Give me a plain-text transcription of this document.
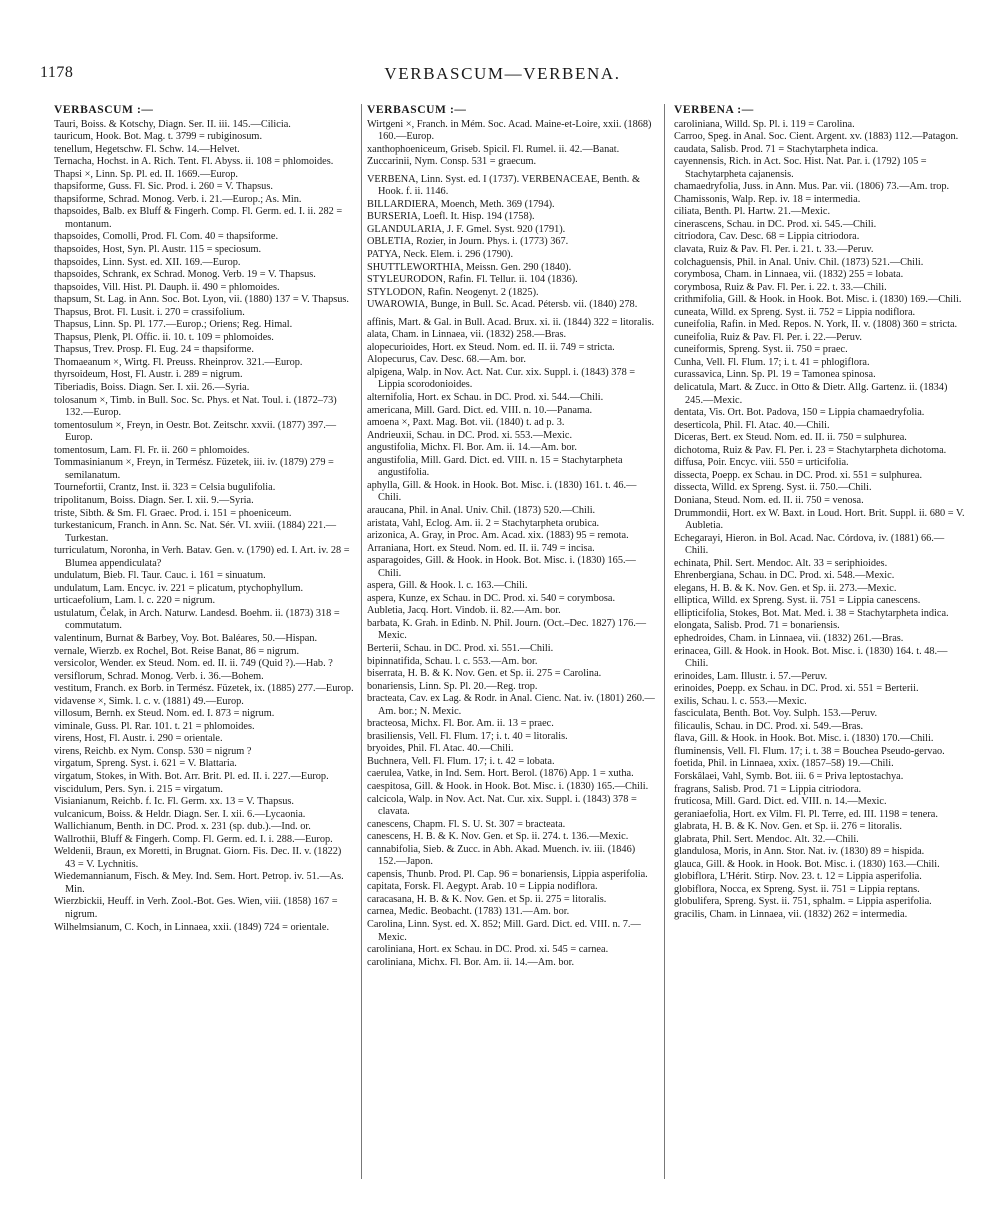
1178	VERBASCUM—VERBENA.
VERBASCUM :—

Tauri, Boiss. & Kotschy, Diagn. Ser. II. iii. 145.—Cilicia.

tauricum, Hook. Bot. Mag. t. 3799 = rubiginosum.

tenellum, Hegetschw. Fl. Schw. 14.—Helvet.

Ternacha, Hochst. in A. Rich. Tent. Fl. Abyss. ii. 108 = phlomoides.

Thapsi ×, Linn. Sp. Pl. ed. II. 1669.—Europ.

thapsiforme, Guss. Fl. Sic. Prod. i. 260 = V. Thapsus.

thapsiforme, Schrad. Monog. Verb. i. 21.—Europ.; As. Min.

thapsoides, Balb. ex Bluff & Fingerh. Comp. Fl. Germ. ed. I. ii. 282 = montanum.

thapsoides, Comolli, Prod. Fl. Com. 40 = thapsiforme.

thapsoides, Host, Syn. Pl. Austr. 115 = speciosum.

thapsoides, Linn. Syst. ed. XII. 169.—Europ.

thapsoides, Schrank, ex Schrad. Monog. Verb. 19 = V. Thapsus.

thapsoides, Vill. Hist. Pl. Dauph. ii. 490 = phlomoides.

thapsum, St. Lag. in Ann. Soc. Bot. Lyon, vii. (1880) 137 = V. Thapsus.

Thapsus, Brot. Fl. Lusit. i. 270 = crassifolium.

Thapsus, Linn. Sp. Pl. 177.—Europ.; Oriens; Reg. Himal.

Thapsus, Plenk, Pl. Offic. ii. 10. t. 109 = phlomoides.

Thapsus, Trev. Prosp. Fl. Eug. 24 = thapsiforme.

Thomaeanum ×, Wirtg. Fl. Preuss. Rheinprov. 321.—Europ.

thyrsoideum, Host, Fl. Austr. i. 289 = nigrum.

Tiberiadis, Boiss. Diagn. Ser. I. xii. 26.—Syria.

tolosanum ×, Timb. in Bull. Soc. Sc. Phys. et Nat. Toul. i. (1872–73) 132.—Europ.

tomentosulum ×, Freyn, in Oestr. Bot. Zeitschr. xxvii. (1877) 397.—Europ.

tomentosum, Lam. Fl. Fr. ii. 260 = phlomoides.

Tommasinianum ×, Freyn, in Termész. Füzetek, iii. iv. (1879) 279 = semilanatum.

Tournefortii, Crantz, Inst. ii. 323 = Celsia bugulifolia.

tripolitanum, Boiss. Diagn. Ser. I. xii. 9.—Syria.

triste, Sibth. & Sm. Fl. Graec. Prod. i. 151 = phoeniceum.

turkestanicum, Franch. in Ann. Sc. Nat. Sér. VI. xviii. (1884) 221.—Turkestan.

turriculatum, Noronha, in Verh. Batav. Gen. v. (1790) ed. I. Art. iv. 28 = Blumea appendiculata?

undulatum, Bieb. Fl. Taur. Cauc. i. 161 = sinuatum.

undulatum, Lam. Encyc. iv. 221 = plicatum, ptychophyllum.

urticaefolium, Lam. l. c. 220 = nigrum.

ustulatum, Čelak, in Arch. Naturw. Landesd. Boehm. ii. (1873) 318 = commutatum.

valentinum, Burnat & Barbey, Voy. Bot. Baléares, 50.—Hispan.

vernale, Wierzb. ex Rochel, Bot. Reise Banat, 86 = nigrum.

versicolor, Wender. ex Steud. Nom. ed. II. ii. 749 (Quid ?).—Hab. ?

versiflorum, Schrad. Monog. Verb. i. 36.—Bohem.

vestitum, Franch. ex Borb. in Termész. Füzetek, ix. (1885) 277.—Europ.

vidavense ×, Simk. l. c. v. (1881) 49.—Europ.

villosum, Bernh. ex Steud. Nom. ed. I. 873 = nigrum.

viminale, Guss. Pl. Rar. 101. t. 21 = phlomoides.

virens, Host, Fl. Austr. i. 290 = orientale.

virens, Reichb. ex Nym. Consp. 530 = nigrum ?

virgatum, Spreng. Syst. i. 621 = V. Blattaria.

virgatum, Stokes, in With. Bot. Arr. Brit. Pl. ed. II. i. 227.—Europ.

viscidulum, Pers. Syn. i. 215 = virgatum.

Visianianum, Reichb. f. Ic. Fl. Germ. xx. 13 = V. Thapsus.

vulcanicum, Boiss. & Heldr. Diagn. Ser. I. xii. 6.—Lycaonia.

Wallichianum, Benth. in DC. Prod. x. 231 (sp. dub.).—Ind. or.

Wallrothii, Bluff & Fingerh. Comp. Fl. Germ. ed. I. i. 288.—Europ.

Weldenii, Braun, ex Moretti, in Brugnat. Giorn. Fis. Dec. II. v. (1822) 43 = V. Lychnitis.

Wiedemannianum, Fisch. & Mey. Ind. Sem. Hort. Petrop. iv. 51.—As. Min.

Wierzbickii, Heuff. in Verh. Zool.-Bot. Ges. Wien, viii. (1858) 167 = nigrum.

Wilhelmsianum, C. Koch, in Linnaea, xxii. (1849) 724 = orientale.

VERBASCUM :—

Wirtgeni ×, Franch. in Mém. Soc. Acad. Maine-et-Loire, xxii. (1868) 160.—Europ.

xanthophoeniceum, Griseb. Spicil. Fl. Rumel. ii. 42.—Banat.

Zuccarinii, Nym. Consp. 531 = graecum.

VERBENA, Linn. Syst. ed. I (1737). VERBENACEAE, Benth. & Hook. f. ii. 1146.

BILLARDIERA, Moench, Meth. 369 (1794).

BURSERIA, Loefl. It. Hisp. 194 (1758).

GLANDULARIA, J. F. Gmel. Syst. 920 (1791).

OBLETIA, Rozier, in Journ. Phys. i. (1773) 367.

PATYA, Neck. Elem. i. 296 (1790).

SHUTTLEWORTHIA, Meissn. Gen. 290 (1840).

STYLEURODON, Rafin. Fl. Tellur. ii. 104 (1836).

STYLODON, Rafin. Neogenyt. 2 (1825).

UWAROWIA, Bunge, in Bull. Sc. Acad. Pétersb. vii. (1840) 278.

affinis, Mart. & Gal. in Bull. Acad. Brux. xi. ii. (1844) 322 = litoralis.

alata, Cham. in Linnaea, vii. (1832) 258.—Bras.

alopecurioides, Hort. ex Steud. Nom. ed. II. ii. 749 = stricta.

Alopecurus, Cav. Desc. 68.—Am. bor.

alpigena, Walp. in Nov. Act. Nat. Cur. xix. Suppl. i. (1843) 378 = Lippia scorodonioides.

alternifolia, Hort. ex Schau. in DC. Prod. xi. 544.—Chili.

americana, Mill. Gard. Dict. ed. VIII. n. 10.—Panama.

amoena ×, Paxt. Mag. Bot. vii. (1840) t. ad p. 3.

Andrieuxii, Schau. in DC. Prod. xi. 553.—Mexic.

angustifolia, Michx. Fl. Bor. Am. ii. 14.—Am. bor.

angustifolia, Mill. Gard. Dict. ed. VIII. n. 15 = Stachytarpheta angustifolia.

aphylla, Gill. & Hook. in Hook. Bot. Misc. i. (1830) 161. t. 46.—Chili.

araucana, Phil. in Anal. Univ. Chil. (1873) 520.—Chili.

aristata, Vahl, Eclog. Am. ii. 2 = Stachytarpheta orubica.

arizonica, A. Gray, in Proc. Am. Acad. xix. (1883) 95 = remota.

Arraniana, Hort. ex Steud. Nom. ed. II. ii. 749 = incisa.

asparagoides, Gill. & Hook. in Hook. Bot. Misc. i. (1830) 165.—Chili.

aspera, Gill. & Hook. l. c. 163.—Chili.

aspera, Kunze, ex Schau. in DC. Prod. xi. 540 = corymbosa.

Aubletia, Jacq. Hort. Vindob. ii. 82.—Am. bor.

barbata, K. Grah. in Edinb. N. Phil. Journ. (Oct.–Dec. 1827) 176.—Mexic.

Berterii, Schau. in DC. Prod. xi. 551.—Chili.

bipinnatifida, Schau. l. c. 553.—Am. bor.

biserrata, H. B. & K. Nov. Gen. et Sp. ii. 275 = Carolina.

bonariensis, Linn. Sp. Pl. 20.—Reg. trop.

bracteata, Cav. ex Lag. & Rodr. in Anal. Cienc. Nat. iv. (1801) 260.—Am. bor.; N. Mexic.

bracteosa, Michx. Fl. Bor. Am. ii. 13 = praec.

brasiliensis, Vell. Fl. Flum. 17; i. t. 40 = litoralis.

bryoides, Phil. Fl. Atac. 40.—Chili.

Buchnera, Vell. Fl. Flum. 17; i. t. 42 = lobata.

caerulea, Vatke, in Ind. Sem. Hort. Berol. (1876) App. 1 = xutha.

caespitosa, Gill. & Hook. in Hook. Bot. Misc. i. (1830) 165.—Chili.

calcicola, Walp. in Nov. Act. Nat. Cur. xix. Suppl. i. (1843) 378 = clavata.

canescens, Chapm. Fl. S. U. St. 307 = bracteata.

canescens, H. B. & K. Nov. Gen. et Sp. ii. 274. t. 136.—Mexic.

cannabifolia, Sieb. & Zucc. in Abh. Akad. Muench. iv. iii. (1846) 152.—Japon.

capensis, Thunb. Prod. Pl. Cap. 96 = bonariensis, Lippia asperifolia.

capitata, Forsk. Fl. Aegypt. Arab. 10 = Lippia nodiflora.

caracasana, H. B. & K. Nov. Gen. et Sp. ii. 275 = litoralis.

carnea, Medic. Beobacht. (1783) 131.—Am. bor.

Carolina, Linn. Syst. ed. X. 852; Mill. Gard. Dict. ed. VIII. n. 7.—Mexic.

caroliniana, Hort. ex Schau. in DC. Prod. xi. 545 = carnea.

caroliniana, Michx. Fl. Bor. Am. ii. 14.—Am. bor.

VERBENA :—

caroliniana, Willd. Sp. Pl. i. 119 = Carolina.

Carroo, Speg. in Anal. Soc. Cient. Argent. xv. (1883) 112.—Patagon.

caudata, Salisb. Prod. 71 = Stachytarpheta indica.

cayennensis, Rich. in Act. Soc. Hist. Nat. Par. i. (1792) 105 = Stachytarpheta cajanensis.

chamaedryfolia, Juss. in Ann. Mus. Par. vii. (1806) 73.—Am. trop.

Chamissonis, Walp. Rep. iv. 18 = intermedia.

ciliata, Benth. Pl. Hartw. 21.—Mexic.

cinerascens, Schau. in DC. Prod. xi. 545.—Chili.

citriodora, Cav. Desc. 68 = Lippia citriodora.

clavata, Ruiz & Pav. Fl. Per. i. 21. t. 33.—Peruv.

colchaguensis, Phil. in Anal. Univ. Chil. (1873) 521.—Chili.

corymbosa, Cham. in Linnaea, vii. (1832) 255 = lobata.

corymbosa, Ruiz & Pav. Fl. Per. i. 22. t. 33.—Chili.

crithmifolia, Gill. & Hook. in Hook. Bot. Misc. i. (1830) 169.—Chili.

cuneata, Willd. ex Spreng. Syst. ii. 752 = Lippia nodiflora.

cuneifolia, Rafin. in Med. Repos. N. York, II. v. (1808) 360 = stricta.

cuneifolia, Ruiz & Pav. Fl. Per. i. 22.—Peruv.

cuneiformis, Spreng. Syst. ii. 750 = praec.

Cunha, Vell. Fl. Flum. 17; i. t. 41 = phlogiflora.

curassavica, Linn. Sp. Pl. 19 = Tamonea spinosa.

delicatula, Mart. & Zucc. in Otto & Dietr. Allg. Gartenz. ii. (1834) 245.—Mexic.

dentata, Vis. Ort. Bot. Padova, 150 = Lippia chamaedryfolia.

deserticola, Phil. Fl. Atac. 40.—Chili.

Diceras, Bert. ex Steud. Nom. ed. II. ii. 750 = sulphurea.

dichotoma, Ruiz & Pav. Fl. Per. i. 23 = Stachytarpheta dichotoma.

diffusa, Poir. Encyc. viii. 550 = urticifolia.

dissecta, Poepp. ex Schau. in DC. Prod. xi. 551 = sulphurea.

dissecta, Willd. ex Spreng. Syst. ii. 750.—Chili.

Doniana, Steud. Nom. ed. II. ii. 750 = venosa.

Drummondii, Hort. ex W. Baxt. in Loud. Hort. Brit. Suppl. ii. 680 = V. Aubletia.

Echegarayi, Hieron. in Bol. Acad. Nac. Córdova, iv. (1881) 66.—Chili.

echinata, Phil. Sert. Mendoc. Alt. 33 = seriphioides.

Ehrenbergiana, Schau. in DC. Prod. xi. 548.—Mexic.

elegans, H. B. & K. Nov. Gen. et Sp. ii. 273.—Mexic.

elliptica, Willd. ex Spreng. Syst. ii. 751 = Lippia canescens.

ellipticifolia, Stokes, Bot. Mat. Med. i. 38 = Stachytarpheta indica.

elongata, Salisb. Prod. 71 = bonariensis.

ephedroides, Cham. in Linnaea, vii. (1832) 261.—Bras.

erinacea, Gill. & Hook. in Hook. Bot. Misc. i. (1830) 164. t. 48.—Chili.

erinoides, Lam. Illustr. i. 57.—Peruv.

erinoides, Poepp. ex Schau. in DC. Prod. xi. 551 = Berterii.

exilis, Schau. l. c. 553.—Mexic.

fasciculata, Benth. Bot. Voy. Sulph. 153.—Peruv.

filicaulis, Schau. in DC. Prod. xi. 549.—Bras.

flava, Gill. & Hook. in Hook. Bot. Misc. i. (1830) 170.—Chili.

fluminensis, Vell. Fl. Flum. 17; i. t. 38 = Bouchea Pseudo-gervao.

foetida, Phil. in Linnaea, xxix. (1857–58) 19.—Chili.

Forskâlaei, Vahl, Symb. Bot. iii. 6 = Priva leptostachya.

fragrans, Salisb. Prod. 71 = Lippia citriodora.

fruticosa, Mill. Gard. Dict. ed. VIII. n. 14.—Mexic.

geraniaefolia, Hort. ex Vilm. Fl. Pl. Terre, ed. III. 1198 = tenera.

glabrata, H. B. & K. Nov. Gen. et Sp. ii. 276 = litoralis.

glabrata, Phil. Sert. Mendoc. Alt. 32.—Chili.

glandulosa, Moris, in Ann. Stor. Nat. iv. (1830) 89 = hispida.

glauca, Gill. & Hook. in Hook. Bot. Misc. i. (1830) 163.—Chili.

globiflora, L'Hérit. Stirp. Nov. 23. t. 12 = Lippia asperifolia.

globiflora, Nocca, ex Spreng. Syst. ii. 751 = Lippia reptans.

globulifera, Spreng. Syst. ii. 751, sphalm. = Lippia asperifolia.

gracilis, Cham. in Linnaea, vii. (1832) 262 = intermedia.
